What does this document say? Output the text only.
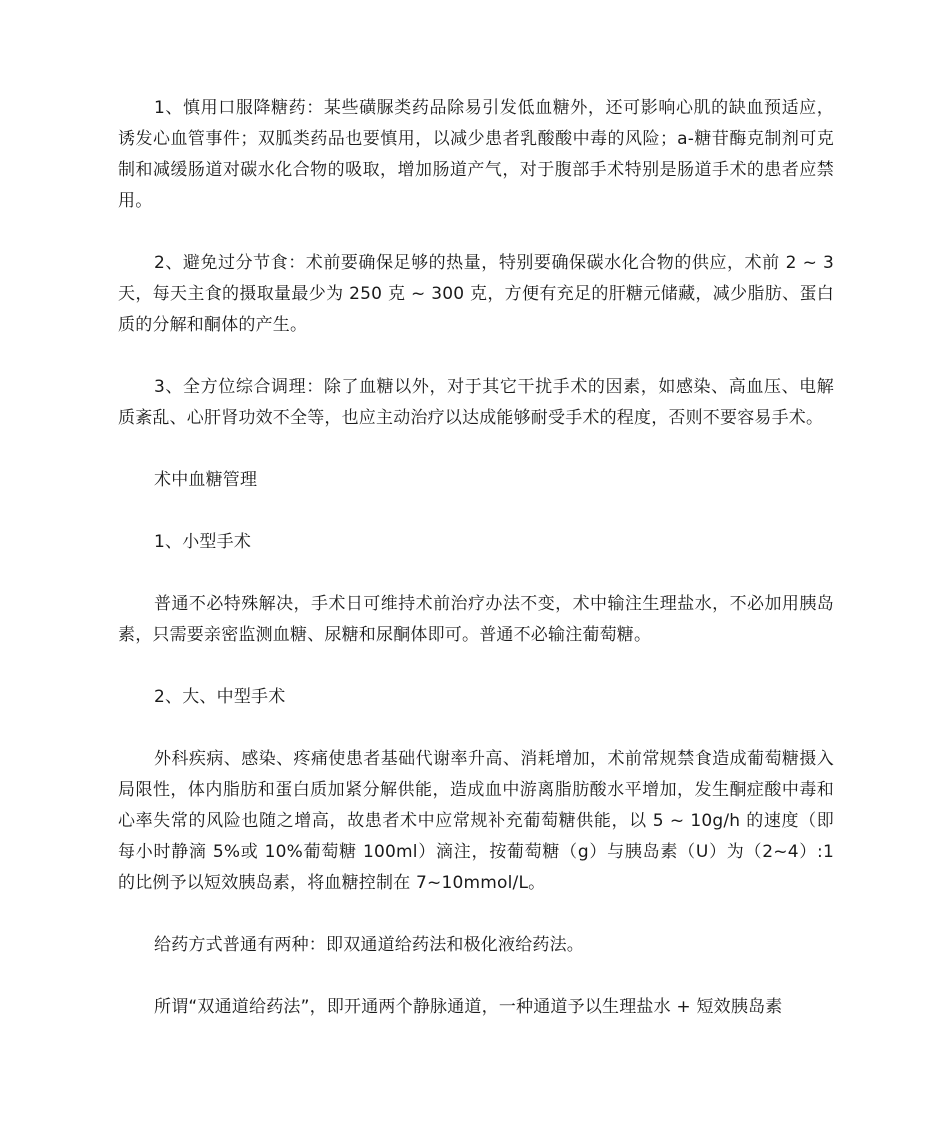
1、慎用口服降糖药：某些磺脲类药品除易引发低血糖外，还可影响心肌的缺血预适应，诱发心血管事件；双胍类药品也要慎用，以减少患者乳酸酸中毒的风险；a-糖苷酶克制剂可克制和减缓肠道对碳水化合物的吸取，增加肠道产气，对于腹部手术特别是肠道手术的患者应禁用。

2、避免过分节食：术前要确保足够的热量，特别要确保碳水化合物的供应，术前 2 ~ 3 天，每天主食的摄取量最少为 250 克 ~ 300 克，方便有充足的肝糖元储藏，减少脂肪、蛋白质的分解和酮体的产生。

3、全方位综合调理：除了血糖以外，对于其它干扰手术的因素，如感染、高血压、电解质紊乱、心肝肾功效不全等，也应主动治疗以达成能够耐受手术的程度，否则不要容易手术。

术中血糖管理

1、小型手术

普通不必特殊解决，手术日可维持术前治疗办法不变，术中输注生理盐水，不必加用胰岛素，只需要亲密监测血糖、尿糖和尿酮体即可。普通不必输注葡萄糖。

2、大、中型手术

外科疾病、感染、疼痛使患者基础代谢率升高、消耗增加，术前常规禁食造成葡萄糖摄入局限性，体内脂肪和蛋白质加紧分解供能，造成血中游离脂肪酸水平增加，发生酮症酸中毒和心率失常的风险也随之增高，故患者术中应常规补充葡萄糖供能，以 5 ~ 10g/h 的速度（即每小时静滴 5%或 10%葡萄糖 100ml）滴注，按葡萄糖（g）与胰岛素（U）为（2~4）:1 的比例予以短效胰岛素，将血糖控制在 7~10mmol/L。

给药方式普通有两种：即双通道给药法和极化液给药法。

所谓“双通道给药法”，即开通两个静脉通道，一种通道予以生理盐水 + 短效胰岛素
